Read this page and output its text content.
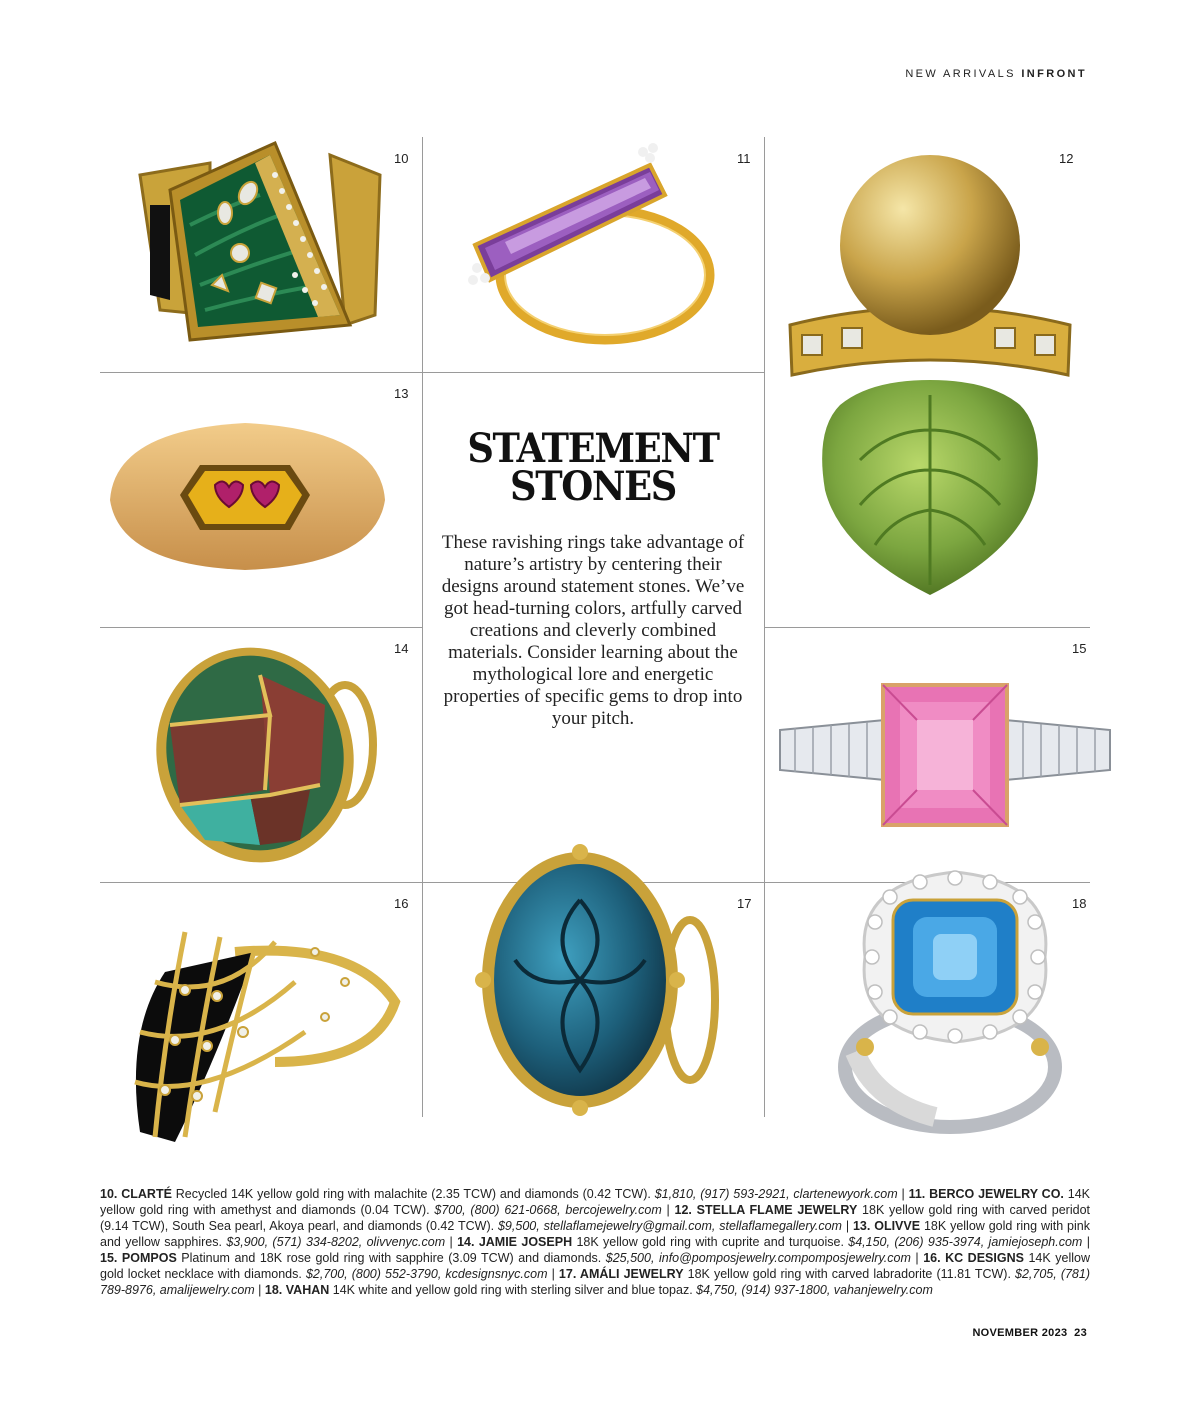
NEW ARRIVALS INFRONT
10	11	12
13
14	15
16	17	18
STATEMENT
STONES
These ravishing rings take advantage of nature’s artistry by centering their designs around statement stones. We’ve got head-turning colors, artfully carved creations and cleverly combined materials. Consider learning about the mythological lore and energetic properties of specific gems to drop into your pitch.
10. CLARTÉ Recycled 14K yellow gold ring with malachite (2.35 TCW) and diamonds (0.42 TCW). $1,810, (917) 593-2921, clartenewyork.com | 11. BERCO JEWELRY CO. 14K yellow gold ring with amethyst and diamonds (0.04 TCW). $700, (800) 621-0668, bercojewelry.com | 12. STELLA FLAME JEWELRY 18K yellow gold ring with carved peridot (9.14 TCW), South Sea pearl, Akoya pearl, and diamonds (0.42 TCW). $9,500, stellaflamejewelry@gmail.com, stellaflamegallery.com | 13. OLIVVE 18K yellow gold ring with pink and yellow sapphires. $3,900, (571) 334-8202, olivvenyc.com | 14. JAMIE JOSEPH 18K yellow gold ring with cuprite and turquoise. $4,150, (206) 935-3974, jamiejoseph.com | 15. POMPOS Platinum and 18K rose gold ring with sapphire (3.09 TCW) and diamonds. $25,500, info@pomposjewelry.compomposjewelry.com | 16. KC DESIGNS 14K yellow gold locket necklace with diamonds. $2,700, (800) 552-3790, kcdesignsnyc.com | 17. AMÁLI JEWELRY 18K yellow gold ring with carved labradorite (11.81 TCW). $2,705, (781) 789-8976, amalijewelry.com | 18. VAHAN 14K white and yellow gold ring with sterling silver and blue topaz. $4,750, (914) 937-1800, vahanjewelry.com
NOVEMBER 2023 23
